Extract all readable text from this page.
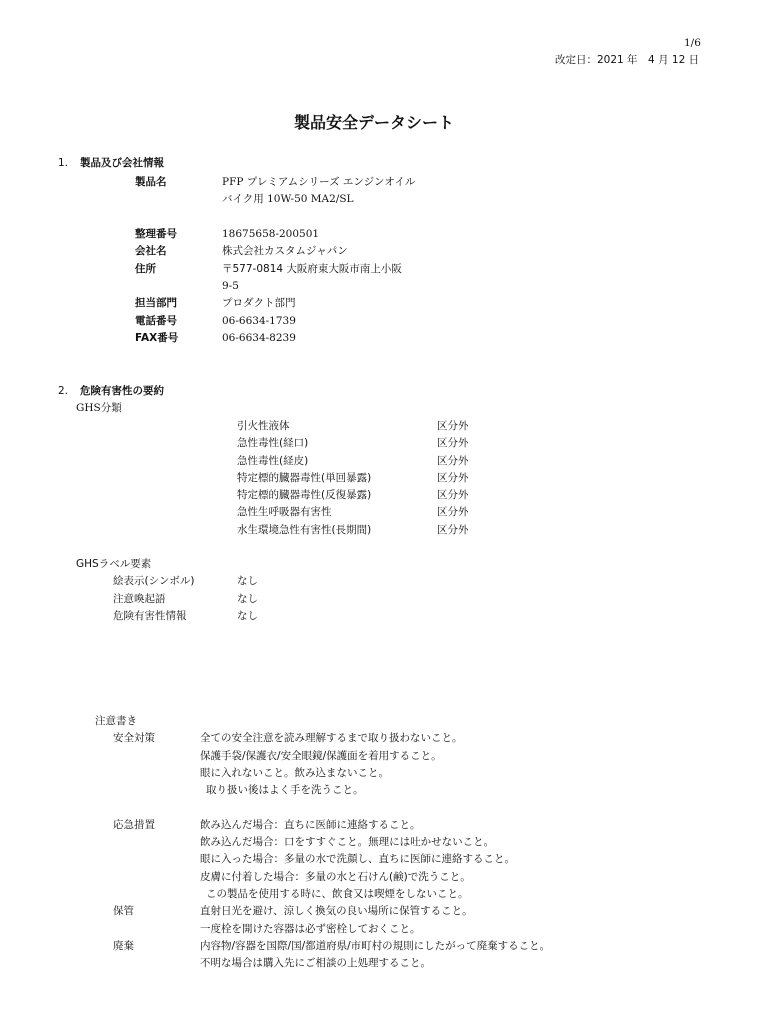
1/6
改定日：2021 年　4 月 12 日
製品安全データシート
1. 製品及び会社情報
製品名	PFP プレミアムシリーズ エンジンオイル
バイク用 10W-50 MA2/SL
整理番号	18675658-200501
会社名	株式会社カスタムジャパン
住所	〒577-0814 大阪府東大阪市南上小阪
9-5
担当部門	プロダクト部門
電話番号	06-6634-1739
FAX番号	06-6634-8239
2. 危険有害性の要約
GHS分類
引火性液体	区分外
急性毒性(経口)	区分外
急性毒性(経皮)	区分外
特定標的臓器毒性(単回暴露)	区分外
特定標的臓器毒性(反復暴露)	区分外
急性生呼吸器有害性	区分外
水生環境急性有害性(長期間)	区分外
GHSラベル要素
絵表示(シンボル)	なし
注意喚起語	なし
危険有害性情報	なし
注意書き
安全対策	全ての安全注意を読み理解するまで取り扱わないこと。
保護手袋/保護衣/安全眼鏡/保護面を着用すること。
眼に入れないこと。飲み込まないこと。
取り扱い後はよく手を洗うこと。
応急措置	飲み込んだ場合：直ちに医師に連絡すること。
飲み込んだ場合：口をすすぐこと。無理には吐かせないこと。
眼に入った場合：多量の水で洗顔し、直ちに医師に連絡すること。
皮膚に付着した場合：多量の水と石けん(鹸)で洗うこと。
この製品を使用する時に、飲食又は喫煙をしないこと。
保管	直射日光を避け、涼しく換気の良い場所に保管すること。
一度栓を開けた容器は必ず密栓しておくこと。
廃棄	内容物/容器を国際/国/都道府県/市町村の規則にしたがって廃棄すること。
不明な場合は購入先にご相談の上処理すること。
